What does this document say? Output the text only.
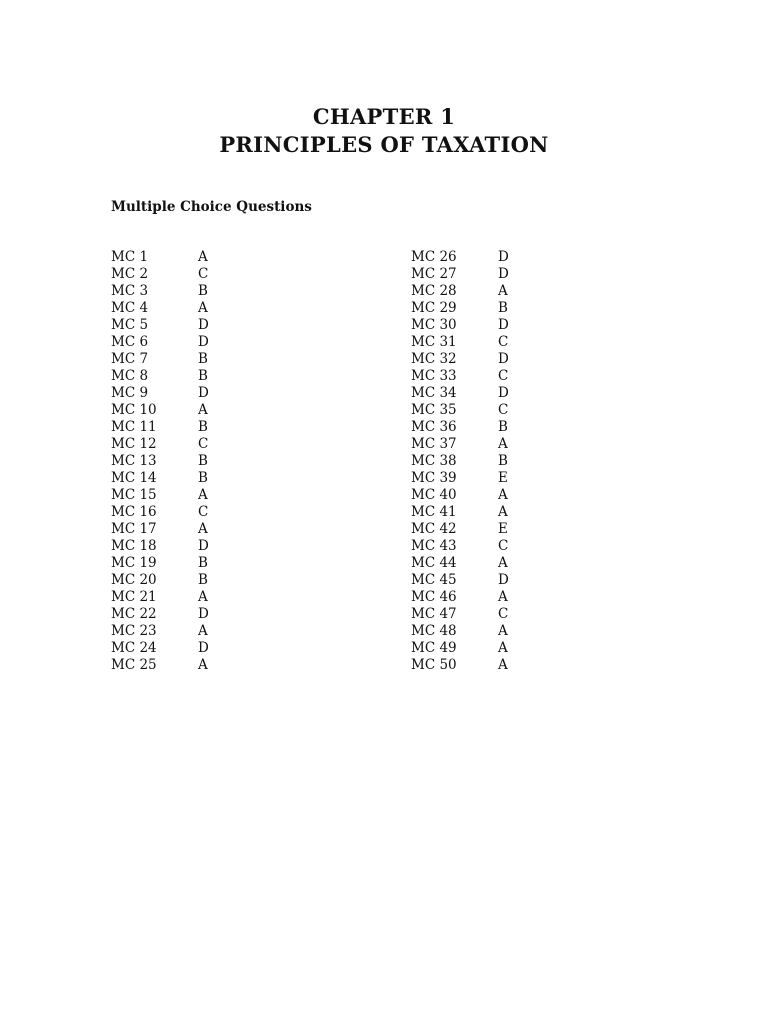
CHAPTER 1
PRINCIPLES OF TAXATION
Multiple Choice Questions
MC 1	A
MC 2	C
MC 3	B
MC 4	A
MC 5	D
MC 6	D
MC 7	B
MC 8	B
MC 9	D
MC 10	A
MC 11	B
MC 12	C
MC 13	B
MC 14	B
MC 15	A
MC 16	C
MC 17	A
MC 18	D
MC 19	B
MC 20	B
MC 21	A
MC 22	D
MC 23	A
MC 24	D
MC 25	A
MC 26	D
MC 27	D
MC 28	A
MC 29	B
MC 30	D
MC 31	C
MC 32	D
MC 33	C
MC 34	D
MC 35	C
MC 36	B
MC 37	A
MC 38	B
MC 39	E
MC 40	A
MC 41	A
MC 42	E
MC 43	C
MC 44	A
MC 45	D
MC 46	A
MC 47	C
MC 48	A
MC 49	A
MC 50	A
